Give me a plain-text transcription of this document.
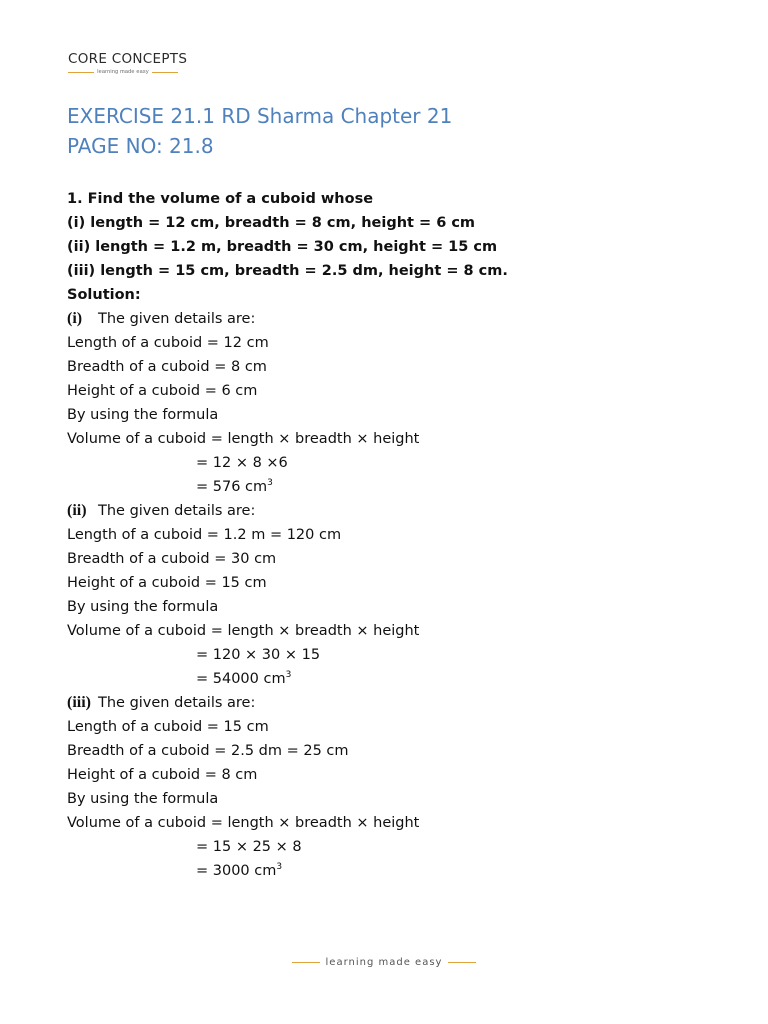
CORE CONCEPTS
learning made easy
EXERCISE 21.1 RD Sharma Chapter 21
PAGE NO: 21.8
1. Find the volume of a cuboid whose
(i) length = 12 cm, breadth = 8 cm, height = 6 cm
(ii) length = 1.2 m, breadth = 30 cm, height = 15 cm
(iii) length = 15 cm, breadth = 2.5 dm, height = 8 cm.
Solution:
(i) The given details are:
Length of a cuboid = 12 cm
Breadth of a cuboid = 8 cm
Height of a cuboid = 6 cm
By using the formula
Volume of a cuboid = length × breadth × height
= 12 × 8 ×6
= 576 $cm^3$
(ii) The given details are:
Length of a cuboid = 1.2 m = 120 cm
Breadth of a cuboid = 30 cm
Height of a cuboid = 15 cm
By using the formula
Volume of a cuboid = length × breadth × height
= 120 × 30 × 15
= 54000 $cm^3$
(iii) The given details are:
Length of a cuboid = 15 cm
Breadth of a cuboid = 2.5 dm = 25 cm
Height of a cuboid = 8 cm
By using the formula
Volume of a cuboid = length × breadth × height
= 15 × 25 × 8
= 3000 $cm^3$
learning made easy
